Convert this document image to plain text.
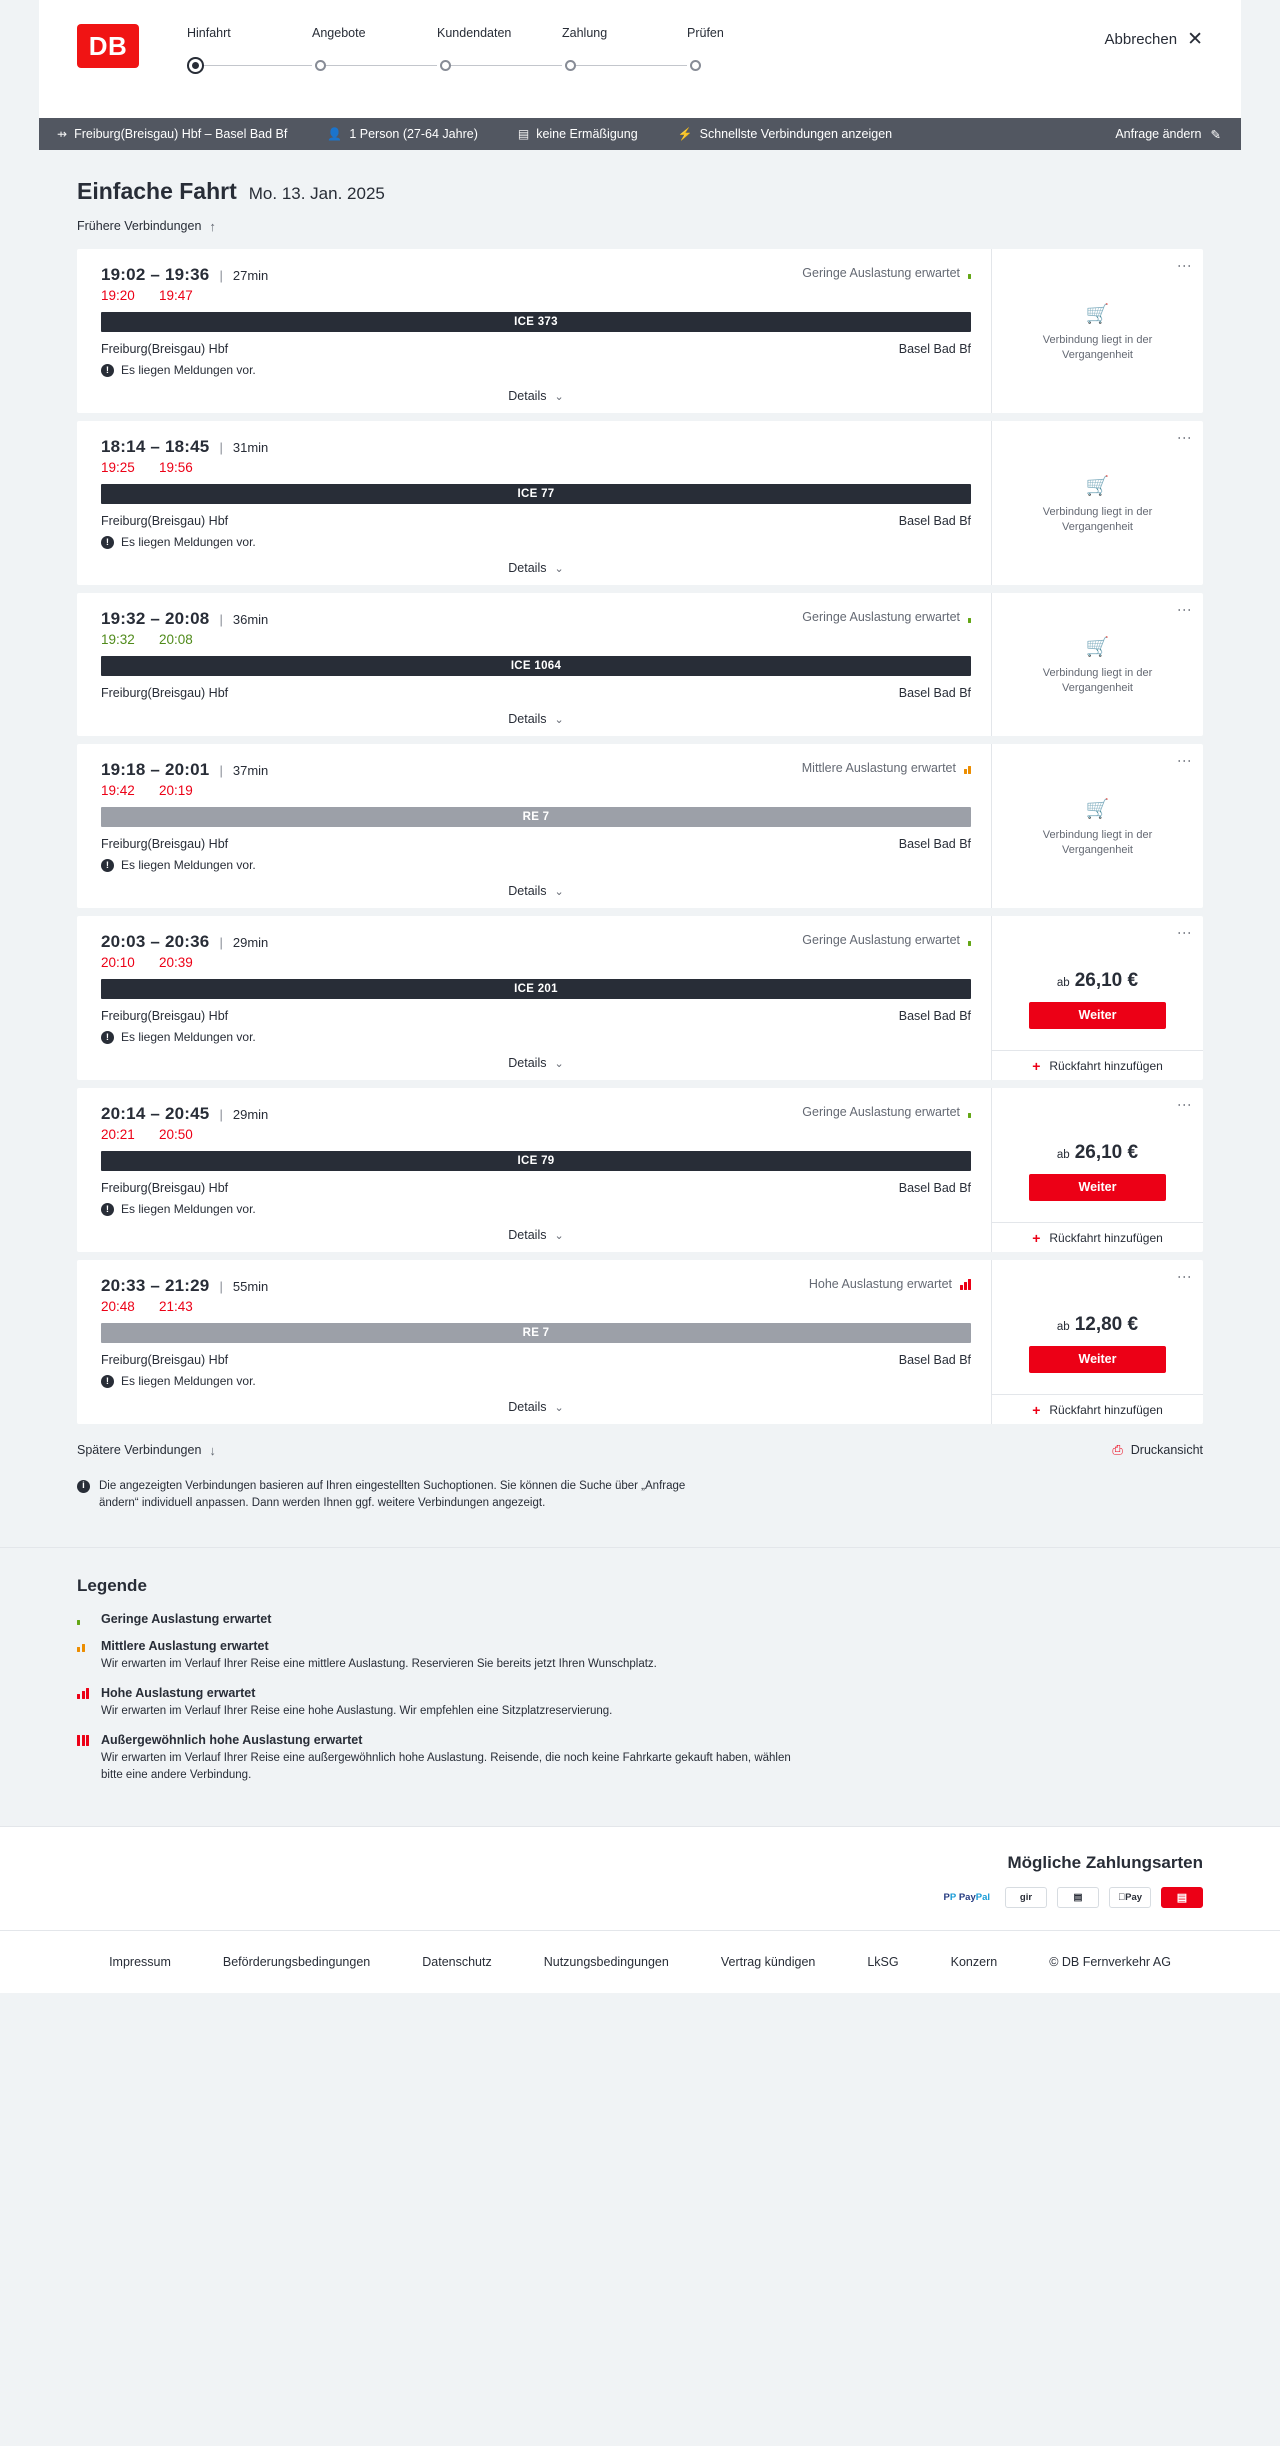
DB	Hinfahrt	Angebote	Kundendaten	Zahlung	Prüfen	Abbrechen ✕
⇸ Freiburg(Breisgau) Hbf – Basel Bad Bf	👤 1 Person (27-64 Jahre)	▤ keine Ermäßigung	⚡ Schnellste Verbindungen anzeigen	Anfrage ändern ✎
Einfache Fahrt Mo. 13. Jan. 2025
Frühere Verbindungen ↑
19:02 – 19:36 | 27min	Geringe Auslastung erwartet
19:20	19:47
ICE 373
Freiburg(Breisgau) Hbf	Basel Bad Bf
! Es liegen Meldungen vor.
Details ⌄
⋮
🛒
Verbindung liegt in der Vergangenheit
18:14 – 18:45 | 31min
19:25	19:56
ICE 77
Freiburg(Breisgau) Hbf	Basel Bad Bf
! Es liegen Meldungen vor.
Details ⌄
⋮
🛒
Verbindung liegt in der Vergangenheit
19:32 – 20:08 | 36min	Geringe Auslastung erwartet
19:32	20:08
ICE 1064
Freiburg(Breisgau) Hbf	Basel Bad Bf
Details ⌄
⋮
🛒
Verbindung liegt in der Vergangenheit
19:18 – 20:01 | 37min	Mittlere Auslastung erwartet
19:42	20:19
RE 7
Freiburg(Breisgau) Hbf	Basel Bad Bf
! Es liegen Meldungen vor.
Details ⌄
⋮
🛒
Verbindung liegt in der Vergangenheit
20:03 – 20:36 | 29min	Geringe Auslastung erwartet
20:10	20:39
ICE 201
Freiburg(Breisgau) Hbf	Basel Bad Bf
! Es liegen Meldungen vor.
Details ⌄
⋮
ab 26,10 €
Weiter
+ Rückfahrt hinzufügen
20:14 – 20:45 | 29min	Geringe Auslastung erwartet
20:21	20:50
ICE 79
Freiburg(Breisgau) Hbf	Basel Bad Bf
! Es liegen Meldungen vor.
Details ⌄
⋮
ab 26,10 €
Weiter
+ Rückfahrt hinzufügen
20:33 – 21:29 | 55min	Hohe Auslastung erwartet
20:48	21:43
RE 7
Freiburg(Breisgau) Hbf	Basel Bad Bf
! Es liegen Meldungen vor.
Details ⌄
⋮
ab 12,80 €
Weiter
+ Rückfahrt hinzufügen
Spätere Verbindungen ↓	⎙ Druckansicht
i	Die angezeigten Verbindungen basieren auf Ihren eingestellten Suchoptionen. Sie können die Suche über „Anfrage ändern“ individuell anpassen. Dann werden Ihnen ggf. weitere Verbindungen angezeigt.
Legende
Geringe Auslastung erwartet
Mittlere Auslastung erwartet
Wir erwarten im Verlauf Ihrer Reise eine mittlere Auslastung. Reservieren Sie bereits jetzt Ihren Wunschplatz.
Hohe Auslastung erwartet
Wir erwarten im Verlauf Ihrer Reise eine hohe Auslastung. Wir empfehlen eine Sitzplatzreservierung.
Außergewöhnlich hohe Auslastung erwartet
Wir erwarten im Verlauf Ihrer Reise eine außergewöhnlich hohe Auslastung. Reisende, die noch keine Fahrkarte gekauft haben, wählen bitte eine andere Verbindung.
Mögliche Zahlungsarten
P P
Pay Pal	gir	▤	Pay	▤
Impressum	Beförderungsbedingungen	Datenschutz	Nutzungsbedingungen	Vertrag kündigen	LkSG	Konzern	© DB Fernverkehr AG
